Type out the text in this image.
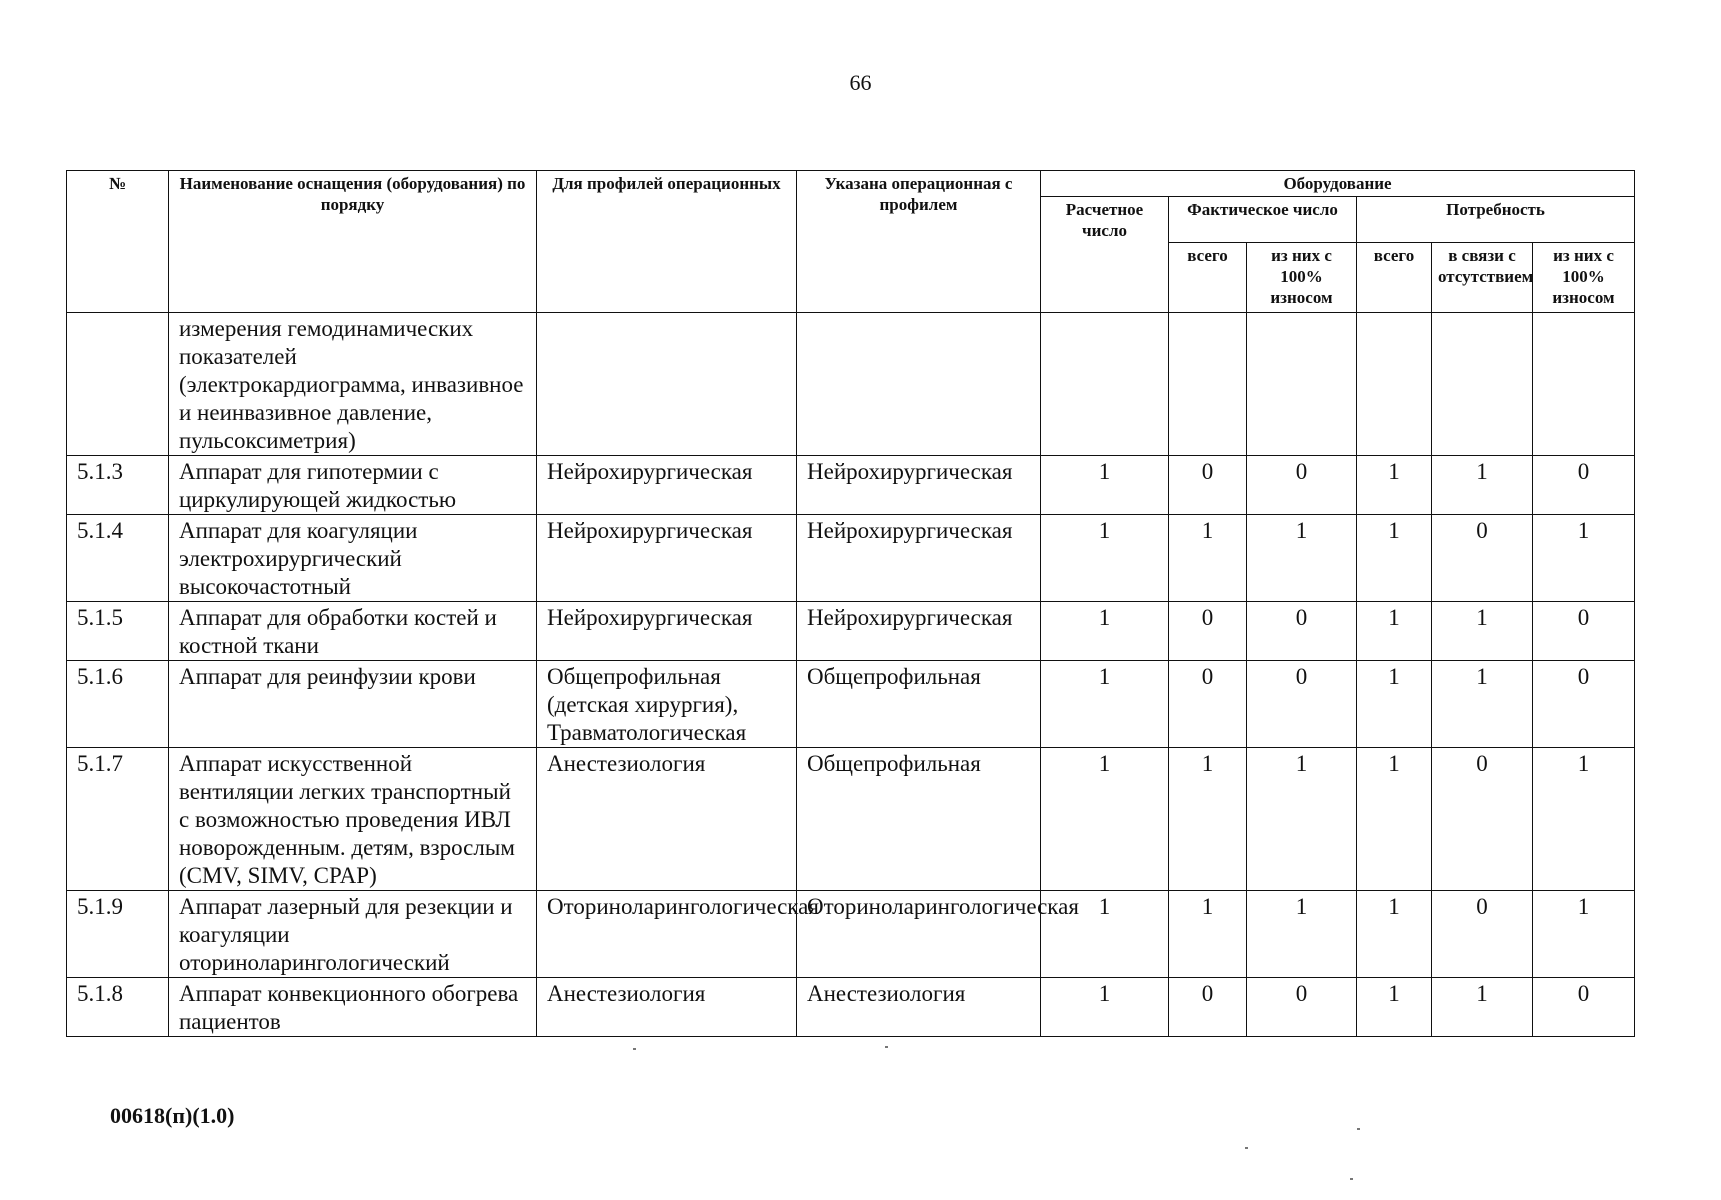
66
№	Наименование оснащения (оборудования) по порядку	Для профилей операционных	Указана операционная с профилем	Оборудование					
				Расчетное число	Фактическое число		Потребность		
					всего	из них с 100% износом	всего	в связи с отсутствием	из них с 100% износом
	измерения гемодинамических показателей (электрокардиограмма, инвазивное и неинвазивное давление, пульсоксиметрия)								
5.1.3	Аппарат для гипотермии с циркулирующей жидкостью	Нейрохирургическая	Нейрохирургическая	1	0	0	1	1	0
5.1.4	Аппарат для коагуляции электрохирургический высокочастотный	Нейрохирургическая	Нейрохирургическая	1	1	1	1	0	1
5.1.5	Аппарат для обработки костей и костной ткани	Нейрохирургическая	Нейрохирургическая	1	0	0	1	1	0
5.1.6	Аппарат для реинфузии крови	Общепрофильная (детская хирургия), Травматологическая	Общепрофильная	1	0	0	1	1	0
5.1.7	Аппарат искусственной вентиляции легких транспортный с возможностью проведения ИВЛ новорожденным. детям, взрослым (CMV, SIMV, CPAP)	Анестезиология	Общепрофильная	1	1	1	1	0	1
5.1.9	Аппарат лазерный для резекции и коагуляции оториноларингологический	Оториноларингологическая	Оториноларингологическая	1	1	1	1	0	1
5.1.8	Аппарат конвекционного обогрева пациентов	Анестезиология	Анестезиология	1	0	0	1	1	0
00618(п)(1.0)
